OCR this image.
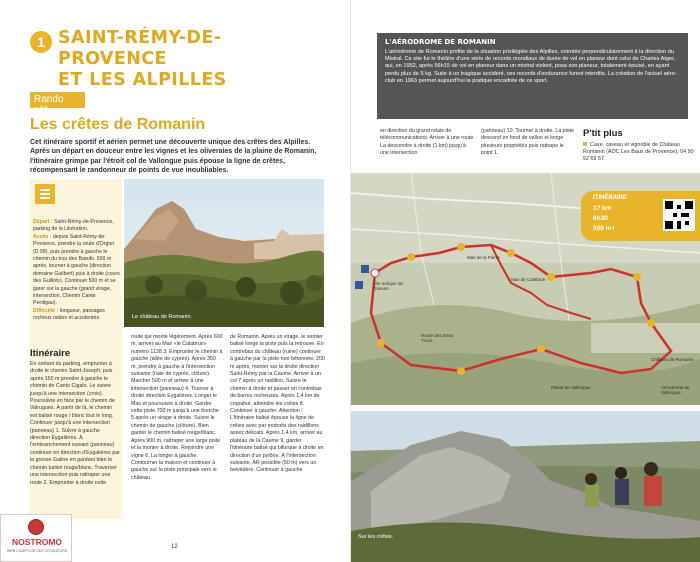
1 SAINT-RÉMY-DE-PROVENCE
ET LES ALPILLES
Rando n°1
Les crêtes de Romanin
Cet itinéraire sportif et aérien permet une découverte unique des crêtes des Alpilles. Après un départ en douceur entre les vignes et les oliveraies de la plaine de Romanin, l'itinéraire grimpe par l'étroit col de Vallongue puis épouse la ligne de crêtes, récompensant le randonneur de points de vue inoubliables.
Départ : Saint-Rémy-de-Provence, parking de la Libération.
Accès : depuis Saint-Rémy-de-Provence, prendre la route d'Orgon (D 99), puis prendre à gauche le chemin du trou des Bœufs. 500 m après, tourner à gauche (direction domaine Guilbert) puis à droite (cours des Guillots). Continuer 500 m et se garer sur la gauche (grand virage, intersection, Chemin Cante Perdigau).
Difficulté : longueur, passages rocheux raides et accidentés.	Le château de Romanin.
Itinéraire
En sortant du parking, emprunter à droite le chemin Saint-Joseph, puis après 150 m prendre à gauche le chemin de Canto Cigalo. Le suivre jusqu'à une intersection (croix). Poursuivre en face par le chemin de Valrugues. À partir de là, le chemin est balisé rouge / blanc tout le long. Continuer jusqu'à une intersection (panneau) 1. Suivre à gauche direction Eygalières. À l'embranchement suivant (panneau) continuer en direction d'Eygalières par la grosse Galine en gardant bien le chemin balisé rouge/blanc. Traverser une intersection puis rattraper une route 2. Emprunter à droite cette
route qui monte légèrement. Après 600 m, arriver au Mas «le Calabrun» numéro 1128 3. Emprunter le chemin à gauche (allée de cyprès). Après 350 m, prendre à gauche à l'intersection suivante (haie de cyprès, clôture). Marcher 500 m et arriver à une intersection (panneau) 4. Tourner à droite direction Eygalières. Longer le Mas et poursuivre à droite. Garder cette piste 700 m jusqu'à une fourche 5 après un virage à droite. Suivre le chemin de gauche (clôture). Bien garder le chemin balisé rouge/blanc. Après 900 m, rattraper une large piste et la monter à droite. Rejoindre une vigne 6. La longer à gauche. Contourner la maison et continuer à gauche sur la piste principale vers le château
de Romanin. Après un virage, le sentier balisé longe la piste puis la retrouve. En contrebas du château (ruine) continuer à gauche par la piste non bétonnée. 200 m après, monter sur la droite direction Saint-Rémy par la Caume. Arriver à un col 7 après un raidillon. Suivre le chemin à droite et passer en contrebas de barres rocheuses. Après 1,4 km de crapahut, atteindre les crêtes 8. Continuer à gauche. Attention ! L'itinéraire balisé épouse la ligne de crêtes avec par endroits des raidillons assez délicats. Après 1,4 km, arriver au plateau de la Caume 9, garder l'itinéraire balisé qui bifurque à droite en direction d'un pylône. À l'intersection suivante, AR possible (50 m) vers un belvédère. Continuer à gauche
12
NOSTROMO
WEB COMPTOIR DES VOYAGEURS
L'AÉRODROME DE ROMANIN
L'aérodrome de Romanin profite de la situation privilégiée des Alpilles, orientée perpendiculairement à la direction du Mistral. Ce site fut le théâtre d'une série de records mondiaux de durée de vol en planeur dont celui de Charles Atger, qui, en 1952, après 56h15 de vol en planeur dans un mistral violent, posa son planeur, totalement épuisé, en ayant perdu plus de 5 kg. Suite à un tragique accident, ces records d'endurance furent interdits. La création de l'actuel aéro-club en 1963 permet aujourd'hui la pratique encadrée de ce sport.
en direction du grand relais de télécommunications. Arriver à une route. La descendre à droite (1 km) jusqu'à une intersection
(panneau) 10. Tourner à droite. La piste descend en fond de vallon et longe plusieurs propriétés puis rattrape le point 1.
P'tit plus
Cave, caveau et vignoble de Château Romanin (AOC Les Baux de Provence), 04 90 92 69 57.
Site antique de Glanum
Mas de la Pierre
Mas de Calabrun
Route des Deux Trous
Château de Romanin
Aérodrome de Vallongue
Plaine de Vallongue
ITINÉRAIRE
17 km
6h30
500 m+
Sur les crêtes.
